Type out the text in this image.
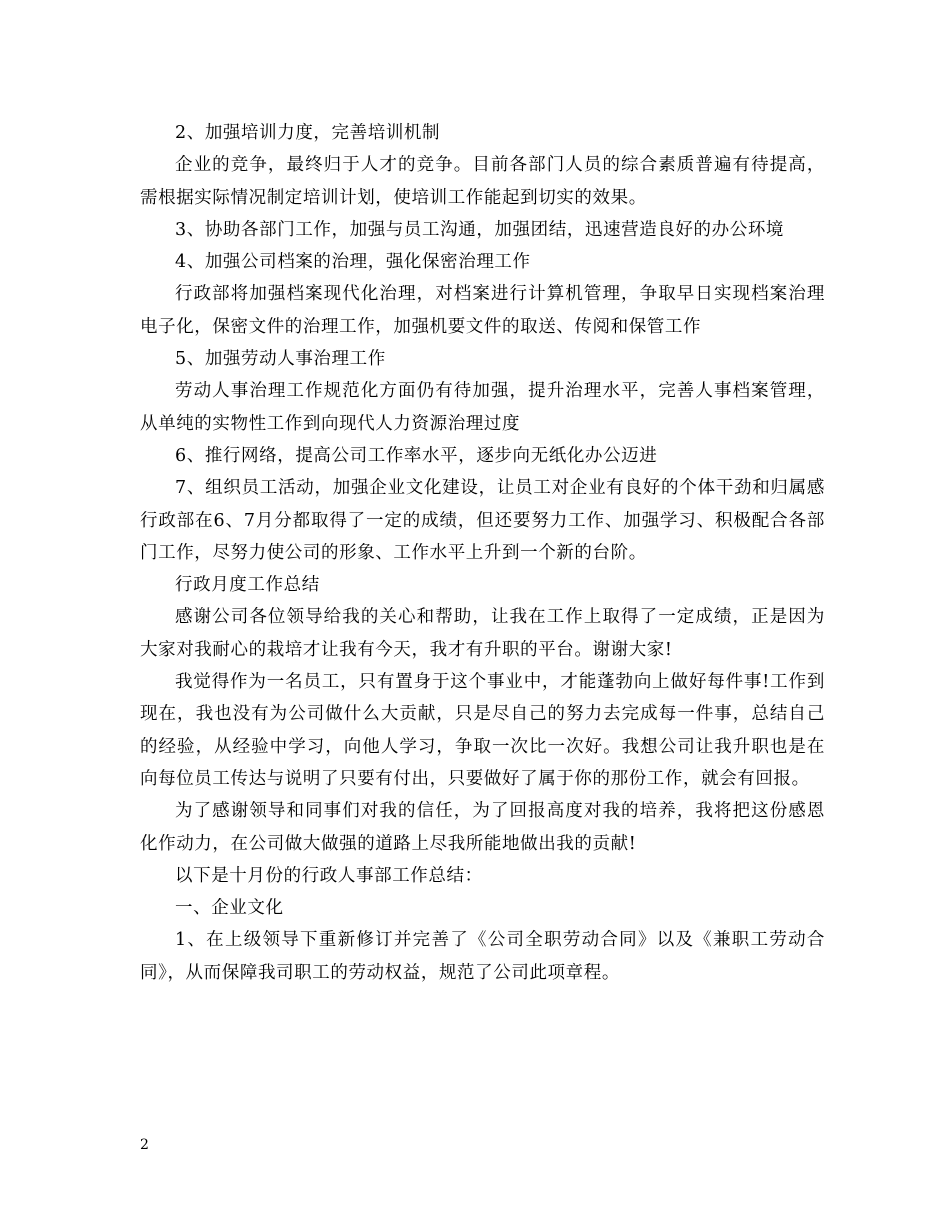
2、加强培训力度，完善培训机制

企业的竞争，最终归于人才的竞争。目前各部门人员的综合素质普遍有待提高，需根据实际情况制定培训计划，使培训工作能起到切实的效果。

3、协助各部门工作，加强与员工沟通，加强团结，迅速营造良好的办公环境

4、加强公司档案的治理，强化保密治理工作

行政部将加强档案现代化治理，对档案进行计算机管理，争取早日实现档案治理电子化，保密文件的治理工作，加强机要文件的取送、传阅和保管工作

5、加强劳动人事治理工作

劳动人事治理工作规范化方面仍有待加强，提升治理水平，完善人事档案管理，从单纯的实物性工作到向现代人力资源治理过度

6、推行网络，提高公司工作率水平，逐步向无纸化办公迈进

7、组织员工活动，加强企业文化建设，让员工对企业有良好的个体干劲和归属感行政部在6、7月分都取得了一定的成绩，但还要努力工作、加强学习、积极配合各部门工作，尽努力使公司的形象、工作水平上升到一个新的台阶。

行政月度工作总结

感谢公司各位领导给我的关心和帮助，让我在工作上取得了一定成绩，正是因为大家对我耐心的栽培才让我有今天，我才有升职的平台。谢谢大家!

我觉得作为一名员工，只有置身于这个事业中，才能蓬勃向上做好每件事!工作到现在，我也没有为公司做什么大贡献，只是尽自己的努力去完成每一件事，总结自己的经验，从经验中学习，向他人学习，争取一次比一次好。我想公司让我升职也是在向每位员工传达与说明了只要有付出，只要做好了属于你的那份工作，就会有回报。

为了感谢领导和同事们对我的信任，为了回报高度对我的培养，我将把这份感恩化作动力，在公司做大做强的道路上尽我所能地做出我的贡献!

以下是十月份的行政人事部工作总结：

一、企业文化

1、在上级领导下重新修订并完善了《公司全职劳动合同》以及《兼职工劳动合同》，从而保障我司职工的劳动权益，规范了公司此项章程。

2
